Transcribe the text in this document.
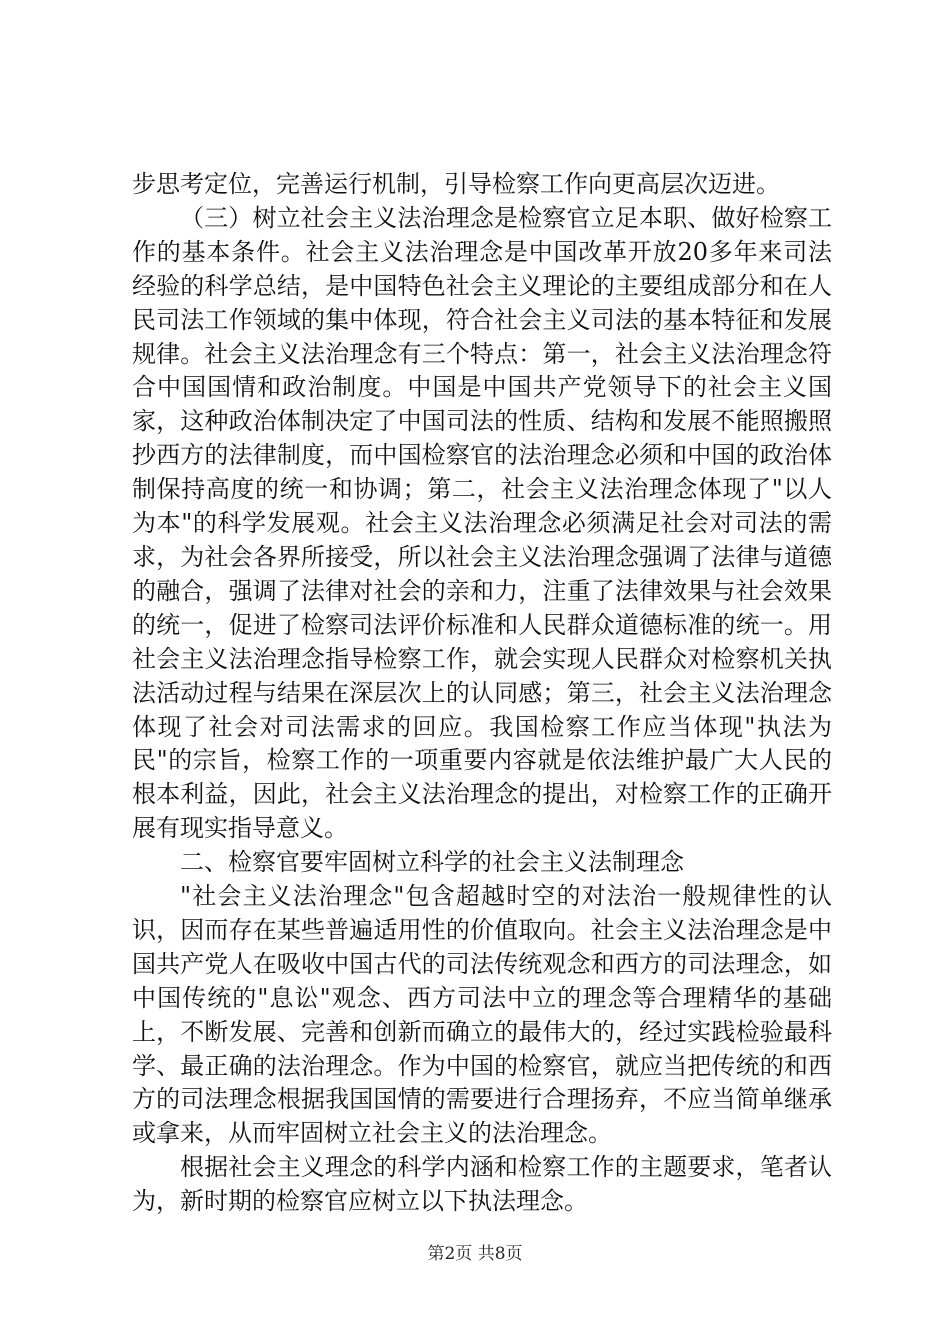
步思考定位，完善运行机制，引导检察工作向更高层次迈进。

（三）树立社会主义法治理念是检察官立足本职、做好检察工作的基本条件。社会主义法治理念是中国改革开放20多年来司法经验的科学总结，是中国特色社会主义理论的主要组成部分和在人民司法工作领域的集中体现，符合社会主义司法的基本特征和发展规律。社会主义法治理念有三个特点：第一，社会主义法治理念符合中国国情和政治制度。中国是中国共产党领导下的社会主义国家，这种政治体制决定了中国司法的性质、结构和发展不能照搬照抄西方的法律制度，而中国检察官的法治理念必须和中国的政治体制保持高度的统一和协调；第二，社会主义法治理念体现了"以人为本"的科学发展观。社会主义法治理念必须满足社会对司法的需求，为社会各界所接受，所以社会主义法治理念强调了法律与道德的融合，强调了法律对社会的亲和力，注重了法律效果与社会效果的统一，促进了检察司法评价标准和人民群众道德标准的统一。用社会主义法治理念指导检察工作，就会实现人民群众对检察机关执法活动过程与结果在深层次上的认同感；第三，社会主义法治理念体现了社会对司法需求的回应。我国检察工作应当体现"执法为民"的宗旨，检察工作的一项重要内容就是依法维护最广大人民的根本利益，因此，社会主义法治理念的提出，对检察工作的正确开展有现实指导意义。

二、检察官要牢固树立科学的社会主义法制理念

"社会主义法治理念"包含超越时空的对法治一般规律性的认识，因而存在某些普遍适用性的价值取向。社会主义法治理念是中国共产党人在吸收中国古代的司法传统观念和西方的司法理念，如中国传统的"息讼"观念、西方司法中立的理念等合理精华的基础上，不断发展、完善和创新而确立的最伟大的，经过实践检验最科学、最正确的法治理念。作为中国的检察官，就应当把传统的和西方的司法理念根据我国国情的需要进行合理扬弃，不应当简单继承或拿来，从而牢固树立社会主义的法治理念。

根据社会主义理念的科学内涵和检察工作的主题要求，笔者认为，新时期的检察官应树立以下执法理念。

第2页 共8页
